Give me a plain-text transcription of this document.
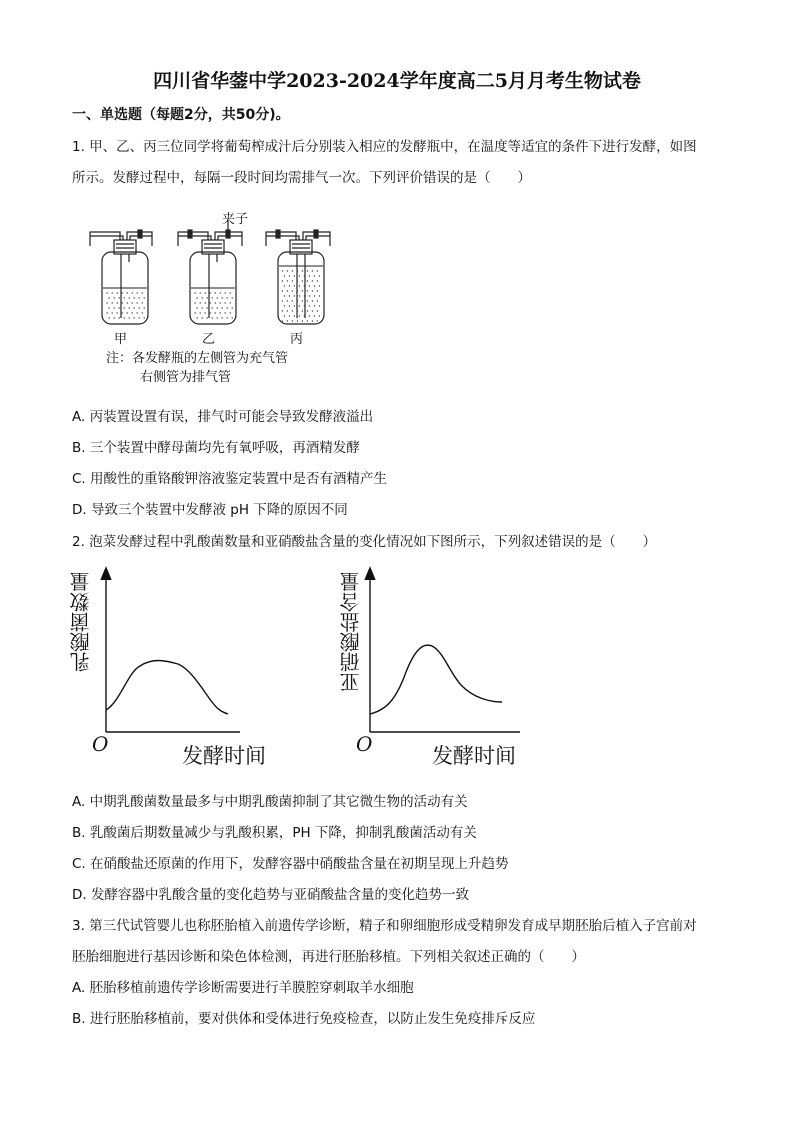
四川省华蓥中学2023-2024学年度高二5月月考生物试卷
一、单选题（每题2分，共50分)。
1. 甲、乙、丙三位同学将葡萄榨成汁后分别装入相应的发酵瓶中，在温度等适宜的条件下进行发酵，如图
所示。发酵过程中，每隔一段时间均需排气一次。下列评价错误的是（　　）
夹子
甲	乙	丙
注：各发酵瓶的左侧管为充气管
右侧管为排气管
A. 丙装置设置有误，排气时可能会导致发酵液溢出
B. 三个装置中酵母菌均先有氧呼吸，再酒精发酵
C. 用酸性的重铬酸钾溶液鉴定装置中是否有酒精产生
D. 导致三个装置中发酵液 pH 下降的原因不同
2. 泡菜发酵过程中乳酸菌数量和亚硝酸盐含量的变化情况如下图所示，下列叙述错误的是（　　）
乳酸菌数量
O	发酵时间
亚硝酸盐含量
O	发酵时间
A. 中期乳酸菌数量最多与中期乳酸菌抑制了其它微生物的活动有关
B. 乳酸菌后期数量减少与乳酸积累，PH 下降，抑制乳酸菌活动有关
C. 在硝酸盐还原菌的作用下，发酵容器中硝酸盐含量在初期呈现上升趋势
D. 发酵容器中乳酸含量的变化趋势与亚硝酸盐含量的变化趋势一致
3. 第三代试管婴儿也称胚胎植入前遗传学诊断，精子和卵细胞形成受精卵发育成早期胚胎后植入子宫前对
胚胎细胞进行基因诊断和染色体检测，再进行胚胎移植。下列相关叙述正确的（　　）
A. 胚胎移植前遗传学诊断需要进行羊膜腔穿刺取羊水细胞
B. 进行胚胎移植前，要对供体和受体进行免疫检查，以防止发生免疫排斥反应
